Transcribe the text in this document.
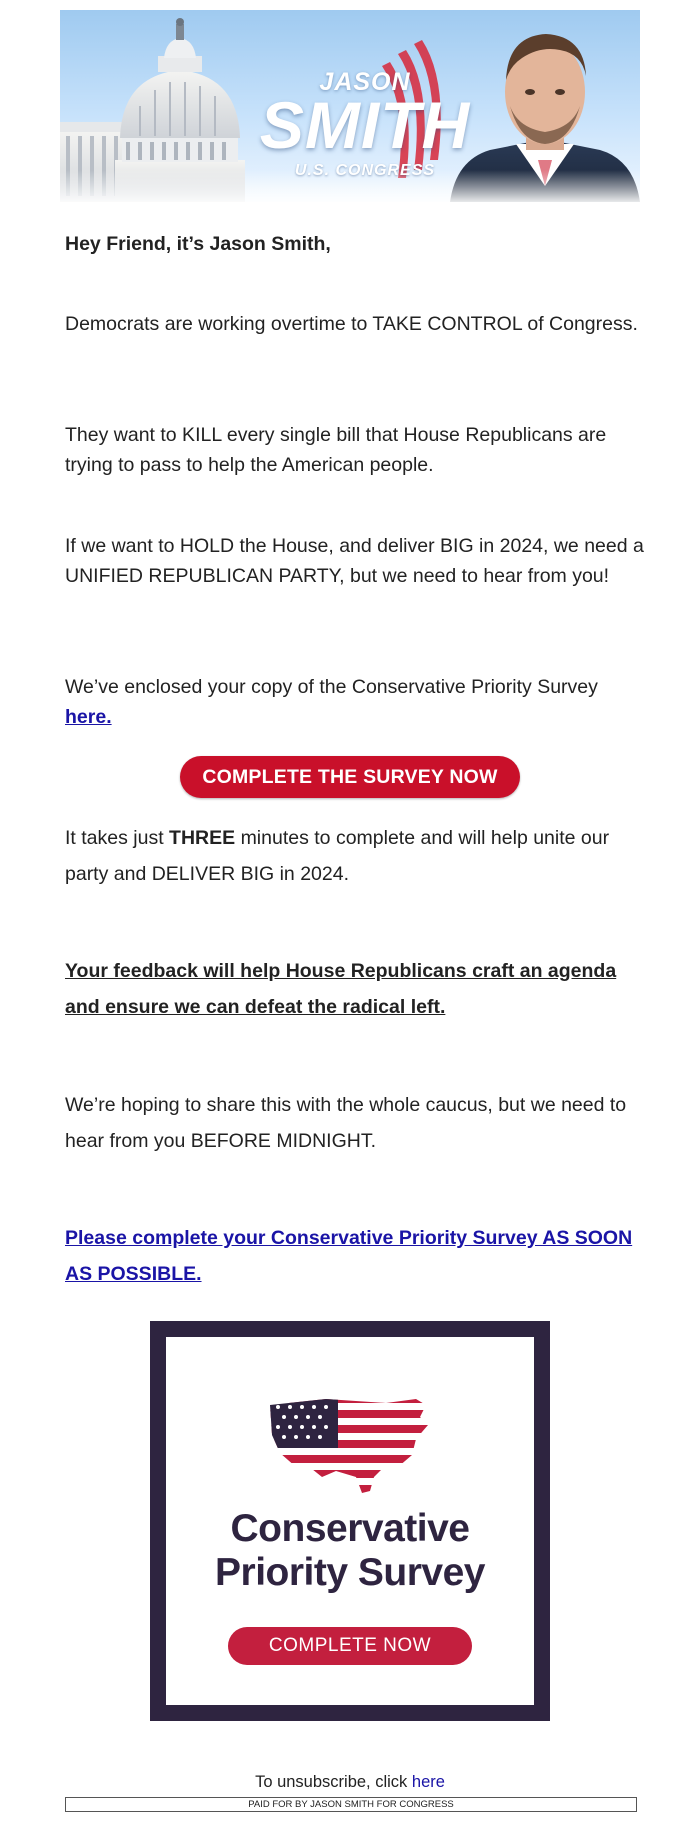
JASON
SMITH
U.S. CONGRESS

Hey Friend, it’s Jason Smith,

Democrats are working overtime to TAKE CONTROL of Congress.

They want to KILL every single bill that House Republicans are trying to pass to help the American people.

If we want to HOLD the House, and deliver BIG in 2024, we need a UNIFIED REPUBLICAN PARTY, but we need to hear from you!

We’ve enclosed your copy of the Conservative Priority Survey
here.

COMPLETE THE SURVEY NOW

It takes just THREE minutes to complete and will help unite our party and DELIVER BIG in 2024.

Your feedback will help House Republicans craft an agenda and ensure we can defeat the radical left.

We’re hoping to share this with the whole caucus, but we need to hear from you BEFORE MIDNIGHT.

Please complete your Conservative Priority Survey AS SOON AS POSSIBLE.

Conservative
Priority Survey
COMPLETE NOW
To unsubscribe, click here
PAID FOR BY JASON SMITH FOR CONGRESS
